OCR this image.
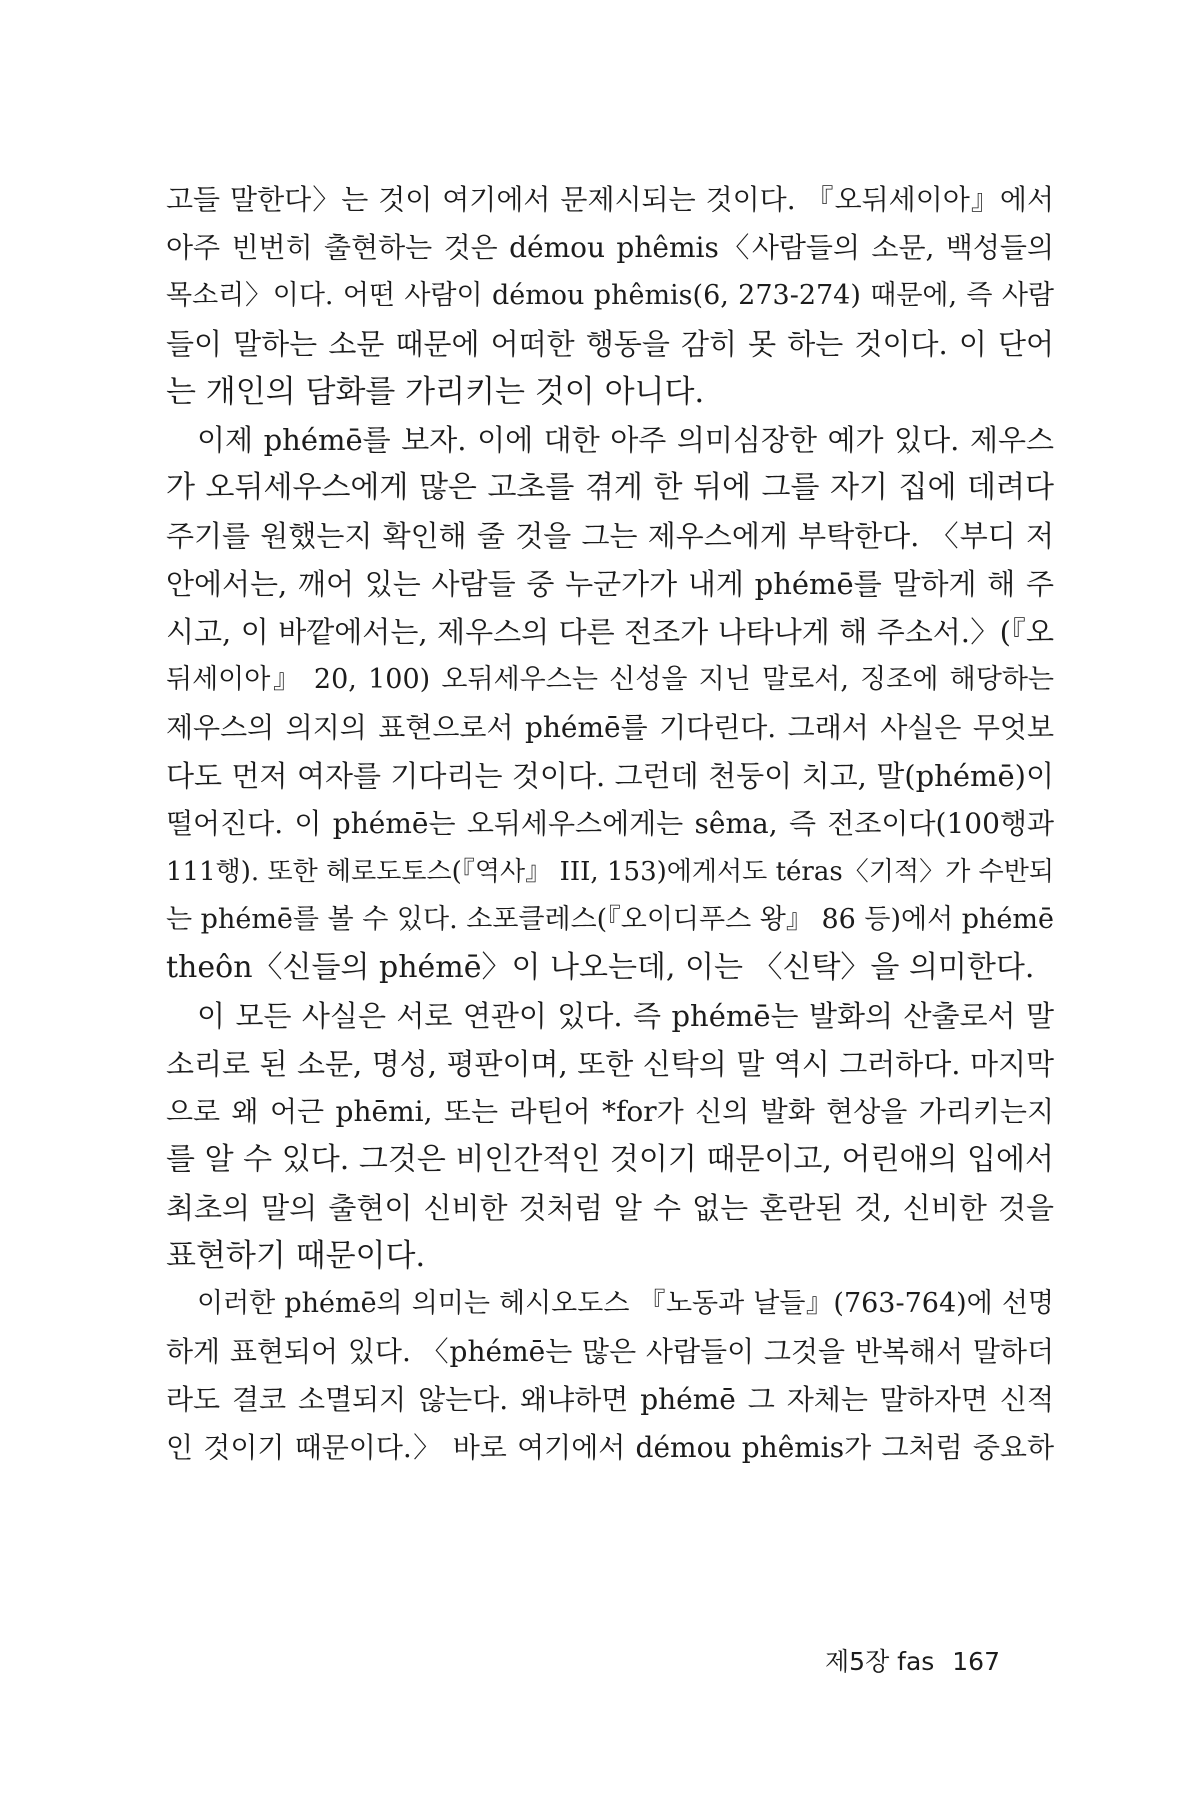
고들 말한다〉는 것이 여기에서 문제시되는 것이다. 『오뒤세이아』에서
아주 빈번히 출현하는 것은 démou phêmis〈사람들의 소문, 백성들의
목소리〉이다. 어떤 사람이 démou phêmis(6, 273-274) 때문에, 즉 사람
들이 말하는 소문 때문에 어떠한 행동을 감히 못 하는 것이다. 이 단어
는 개인의 담화를 가리키는 것이 아니다.
이제 phémē를 보자. 이에 대한 아주 의미심장한 예가 있다. 제우스
가 오뒤세우스에게 많은 고초를 겪게 한 뒤에 그를 자기 집에 데려다
주기를 원했는지 확인해 줄 것을 그는 제우스에게 부탁한다. 〈부디 저
안에서는, 깨어 있는 사람들 중 누군가가 내게 phémē를 말하게 해 주
시고, 이 바깥에서는, 제우스의 다른 전조가 나타나게 해 주소서.〉(『오
뒤세이아』 20, 100) 오뒤세우스는 신성을 지닌 말로서, 징조에 해당하는
제우스의 의지의 표현으로서 phémē를 기다린다. 그래서 사실은 무엇보
다도 먼저 여자를 기다리는 것이다. 그런데 천둥이 치고, 말(phémē)이
떨어진다. 이 phémē는 오뒤세우스에게는 sêma, 즉 전조이다(100행과
111행). 또한 헤로도토스(『역사』 III, 153)에게서도 téras〈기적〉가 수반되
는 phémē를 볼 수 있다. 소포클레스(『오이디푸스 왕』 86 등)에서 phémē
theôn〈신들의 phémē〉이 나오는데, 이는 〈신탁〉을 의미한다.
이 모든 사실은 서로 연관이 있다. 즉 phémē는 발화의 산출로서 말
소리로 된 소문, 명성, 평판이며, 또한 신탁의 말 역시 그러하다. 마지막
으로 왜 어근 phēmi, 또는 라틴어 *for가 신의 발화 현상을 가리키는지
를 알 수 있다. 그것은 비인간적인 것이기 때문이고, 어린애의 입에서
최초의 말의 출현이 신비한 것처럼 알 수 없는 혼란된 것, 신비한 것을
표현하기 때문이다.
이러한 phémē의 의미는 헤시오도스 『노동과 날들』(763-764)에 선명
하게 표현되어 있다. 〈phémē는 많은 사람들이 그것을 반복해서 말하더
라도 결코 소멸되지 않는다. 왜냐하면 phémē 그 자체는 말하자면 신적
인 것이기 때문이다.〉 바로 여기에서 démou phêmis가 그처럼 중요하
제5장 fas 167
